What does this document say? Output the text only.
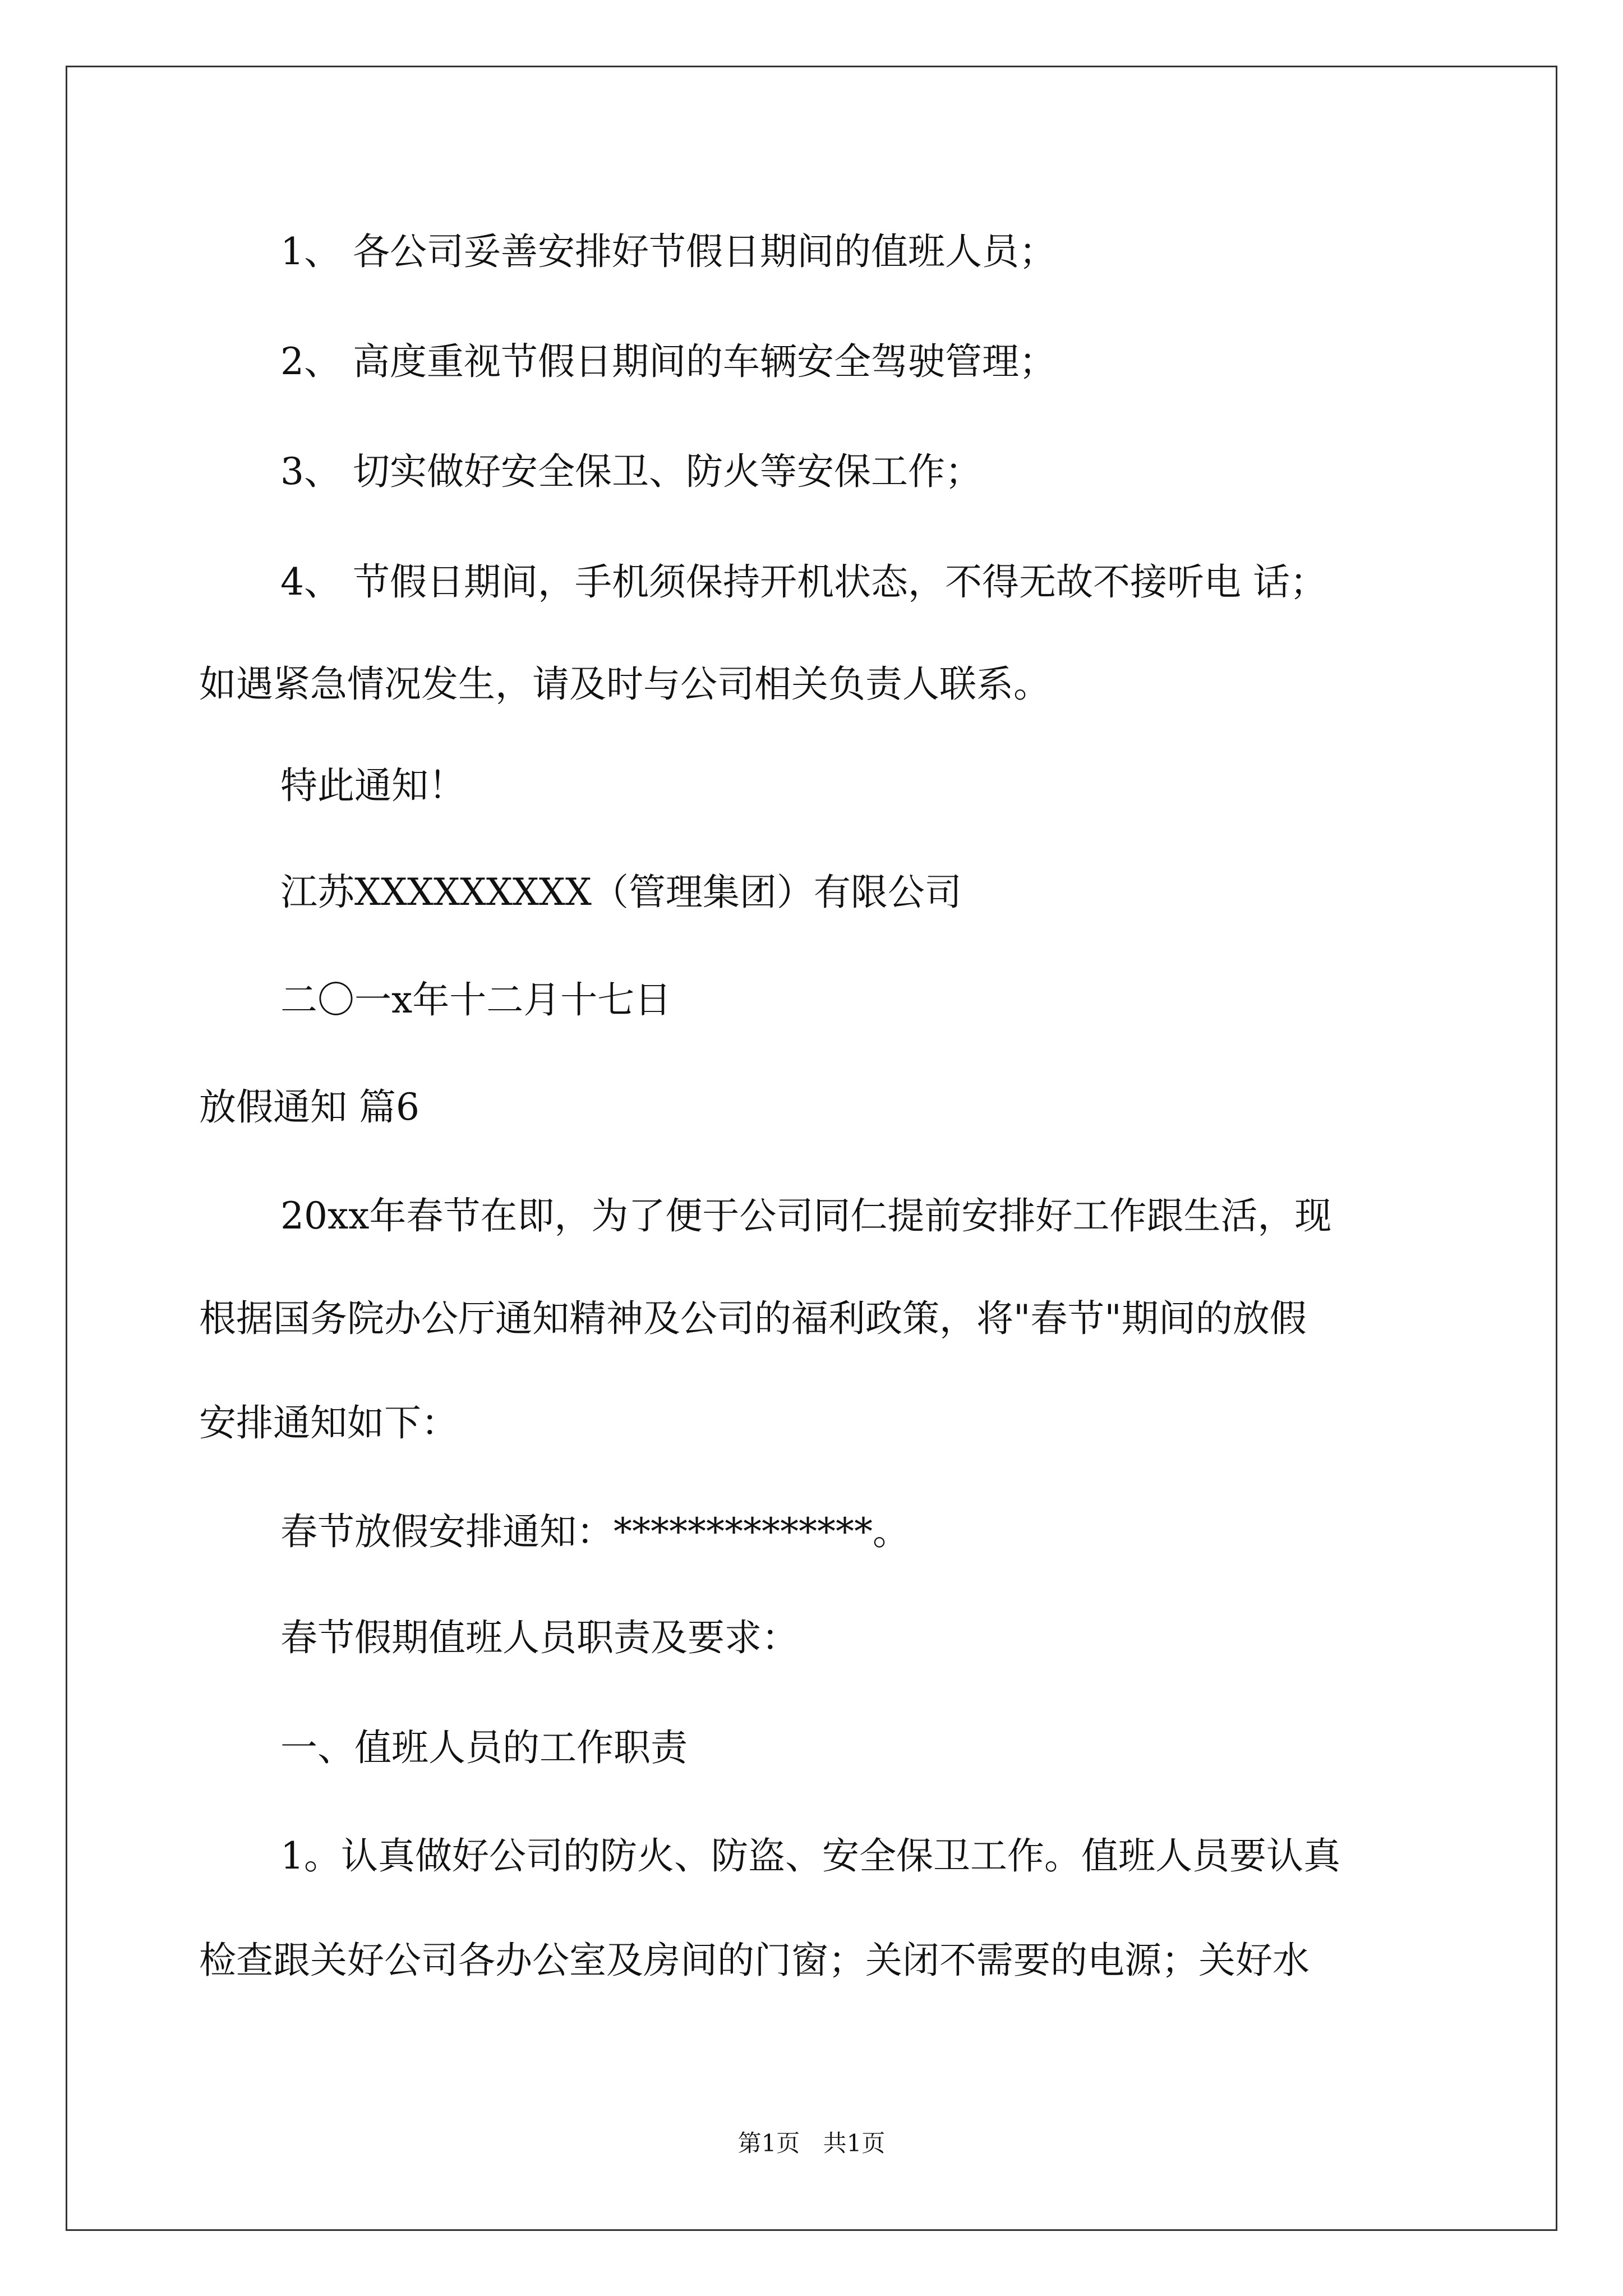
1、 各公司妥善安排好节假日期间的值班人员；
2、 高度重视节假日期间的车辆安全驾驶管理；
3、 切实做好安全保卫、防火等安保工作；
4、 节假日期间，手机须保持开机状态，不得无故不接听电 话；
如遇紧急情况发生，请及时与公司相关负责人联系。
特此通知！
江苏XXXXXXXXX（管理集团）有限公司
二〇一x年十二月十七日
放假通知 篇6
20xx年春节在即，为了便于公司同仁提前安排好工作跟生活，现
根据国务院办公厅通知精神及公司的福利政策，将"春节"期间的放假
安排通知如下：
春节放假安排通知：**************。
春节假期值班人员职责及要求：
一、值班人员的工作职责
1。认真做好公司的防火、防盗、安全保卫工作。值班人员要认真
检查跟关好公司各办公室及房间的门窗；关闭不需要的电源；关好水
第1页 共1页
